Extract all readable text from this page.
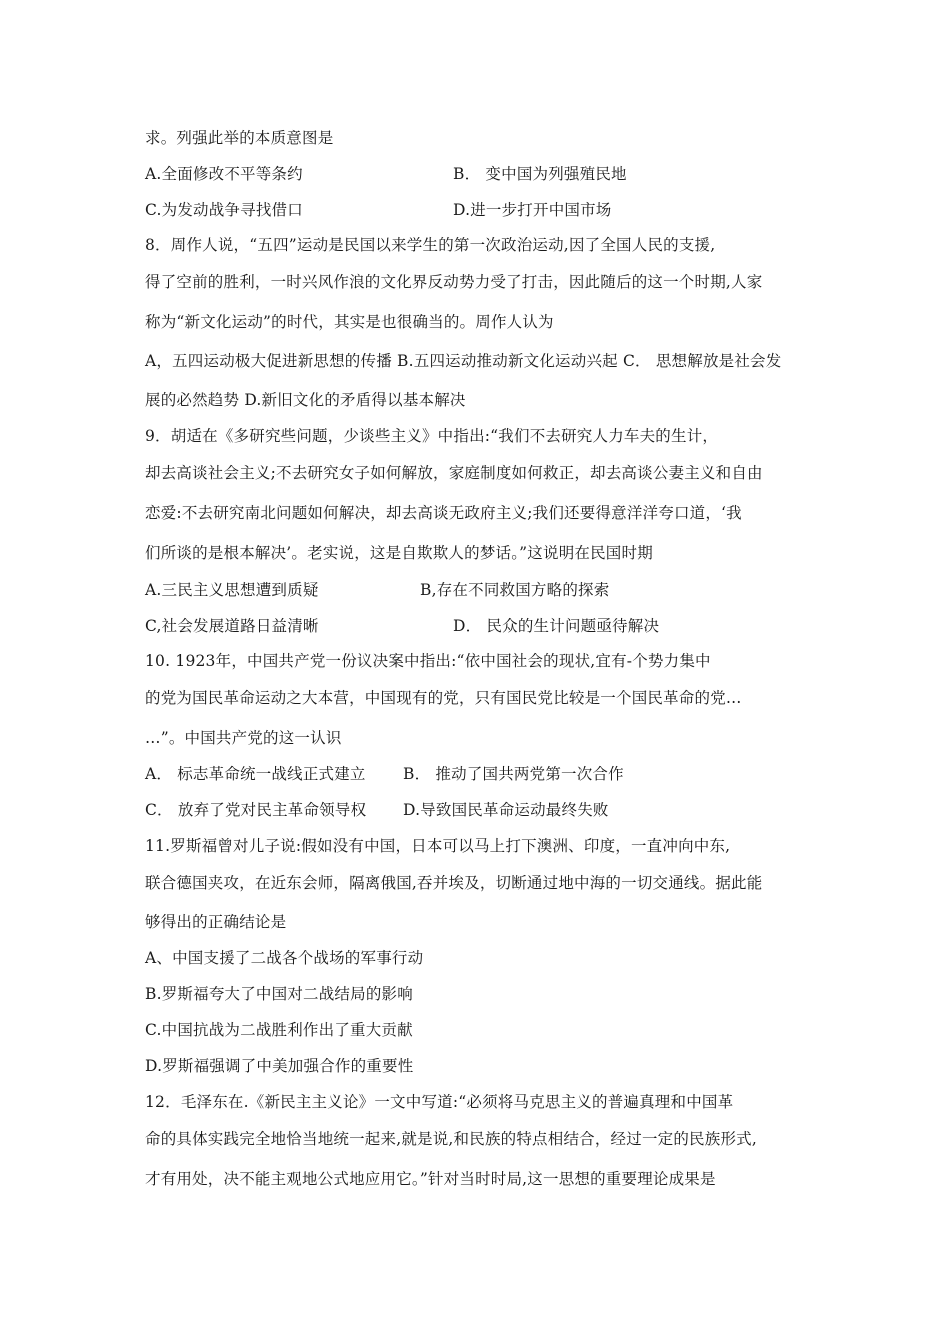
求。列强此举的本质意图是
A.全面修改不平等条约	B． 变中国为列强殖民地
C.为发动战争寻找借口	D.进一步打开中国市场
8．周作人说，“五四”运动是民国以来学生的第一次政治运动,因了全国人民的支援,
得了空前的胜利，一时兴风作浪的文化界反动势力受了打击，因此随后的这一个时期,人家
称为“新文化运动”的时代，其实是也很确当的。周作人认为
A，五四运动极大促进新思想的传播 B.五四运动推动新文化运动兴起 C． 思想解放是社会发
展的必然趋势 D.新旧文化的矛盾得以基本解决
9．胡适在《多研究些问题，少谈些主义》中指出:“我们不去研究人力车夫的生计，
却去高谈社会主义;不去研究女子如何解放，家庭制度如何救正，却去高谈公妻主义和自由
恋爱:不去研究南北问题如何解决，却去高谈无政府主义;我们还要得意洋洋夸口道，‘我
们所谈的是根本解决’。老实说，这是自欺欺人的梦话。”这说明在民国时期
A.三民主义思想遭到质疑	B,存在不同救国方略的探索
C,社会发展道路日益清晰	D． 民众的生计问题亟待解决
10. 1923年，中国共产党一份议决案中指出:“依中国社会的现状,宜有-个势力集中
的党为国民革命运动之大本营，中国现有的党，只有国民党比较是一个国民革命的党…
…”。中国共产党的这一认识
A． 标志革命统一战线正式建立 B． 推动了国共两党第一次合作
C． 放弃了党对民主革命领导权 D.导致国民革命运动最终失败
11.罗斯福曾对儿子说:假如没有中国，日本可以马上打下澳洲、印度，一直冲向中东,
联合德国夹攻，在近东会师，隔离俄国,吞并埃及，切断通过地中海的一切交通线。据此能
够得出的正确结论是
A、中国支援了二战各个战场的军事行动
B.罗斯福夸大了中国对二战结局的影响
C.中国抗战为二战胜利作出了重大贡献
D.罗斯福强调了中美加强合作的重要性
12．毛泽东在.《新民主主义论》一文中写道:“必须将马克思主义的普遍真理和中国革
命的具体实践完全地恰当地统一起来,就是说,和民族的特点相结合，经过一定的民族形式,
才有用处，决不能主观地公式地应用它。”针对当时时局,这一思想的重要理论成果是
